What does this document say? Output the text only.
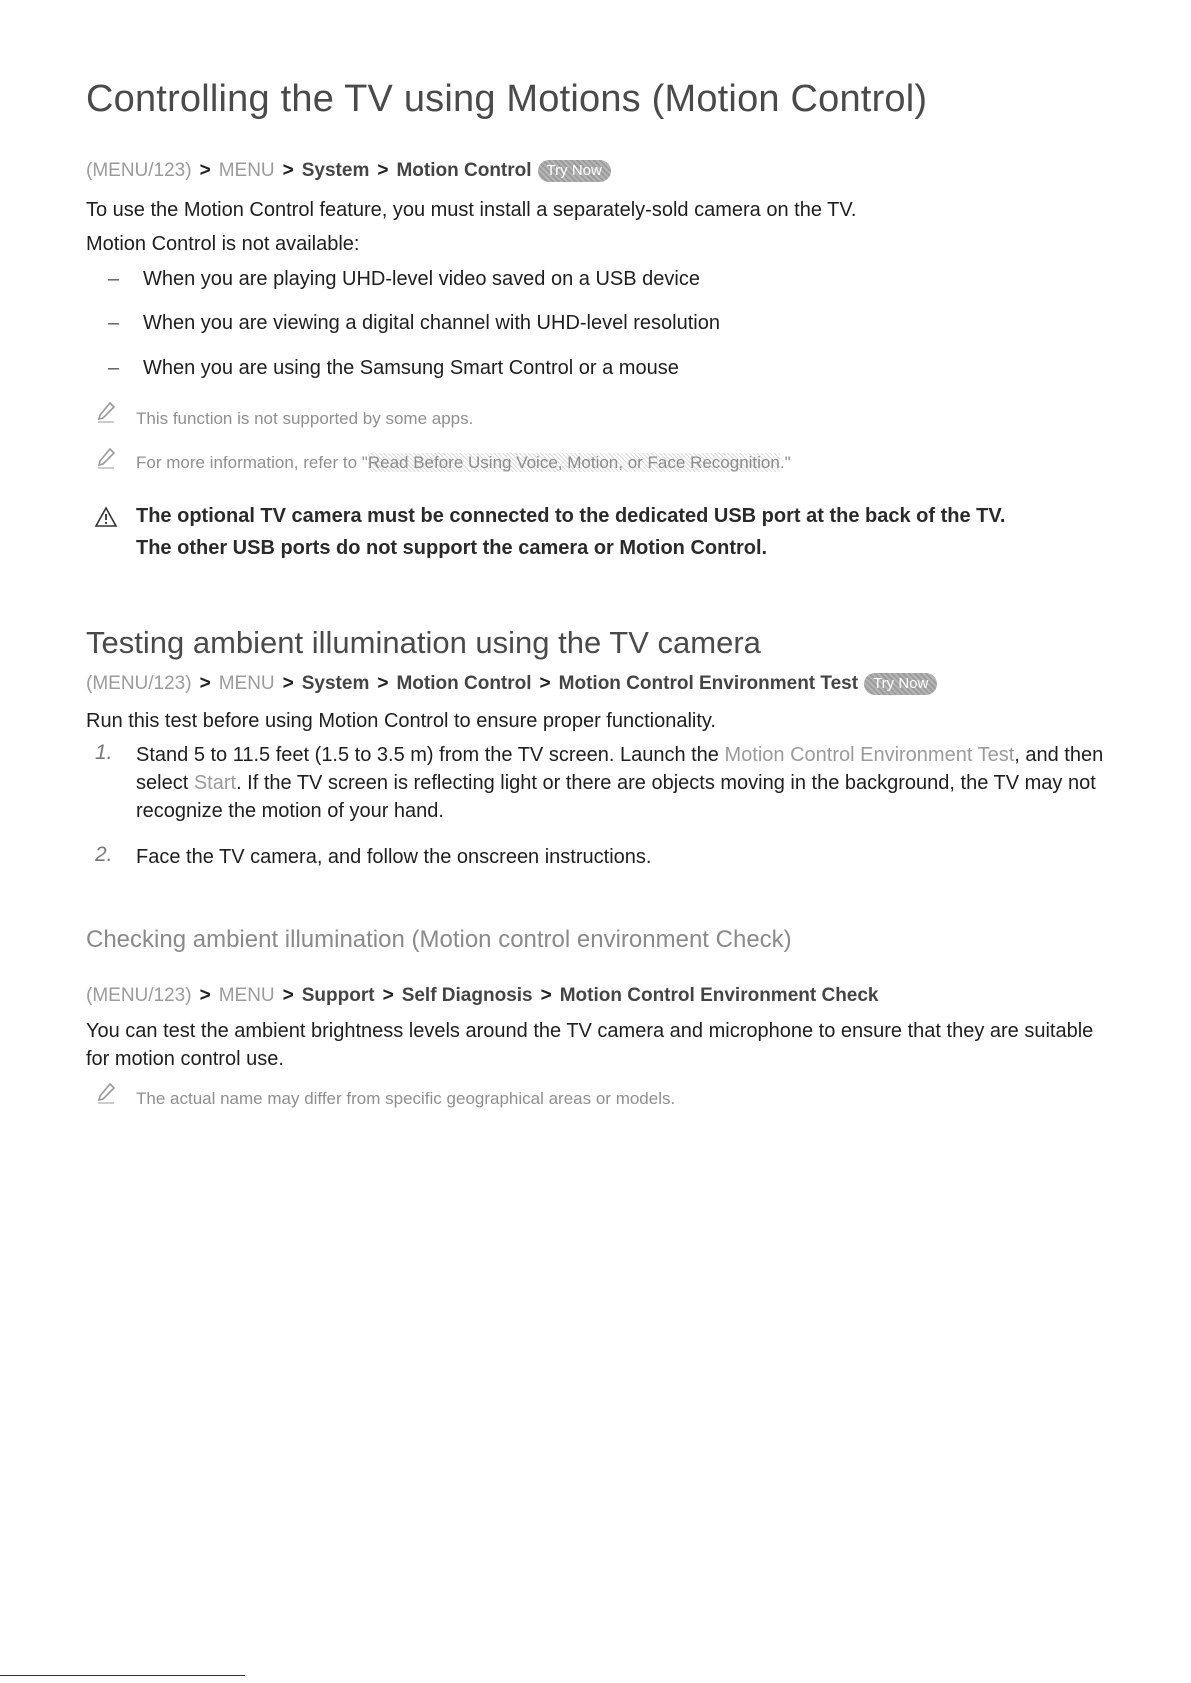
Controlling the TV using Motions (Motion Control)
(MENU/123) > MENU > System > Motion Control Try Now
To use the Motion Control feature, you must install a separately-sold camera on the TV.
Motion Control is not available:
– When you are playing UHD-level video saved on a USB device
– When you are viewing a digital channel with UHD-level resolution
– When you are using the Samsung Smart Control or a mouse
This function is not supported by some apps.
For more information, refer to "Read Before Using Voice, Motion, or Face Recognition."
The optional TV camera must be connected to the dedicated USB port at the back of the TV.
The other USB ports do not support the camera or Motion Control.
Testing ambient illumination using the TV camera
(MENU/123) > MENU > System > Motion Control > Motion Control Environment Test Try Now
Run this test before using Motion Control to ensure proper functionality.
1. Stand 5 to 11.5 feet (1.5 to 3.5 m) from the TV screen. Launch the Motion Control Environment Test, and then select Start. If the TV screen is reflecting light or there are objects moving in the background, the TV may not recognize the motion of your hand.
2. Face the TV camera, and follow the onscreen instructions.
Checking ambient illumination (Motion control environment Check)
(MENU/123) > MENU > Support > Self Diagnosis > Motion Control Environment Check
You can test the ambient brightness levels around the TV camera and microphone to ensure that they are suitable for motion control use.
The actual name may differ from specific geographical areas or models.
